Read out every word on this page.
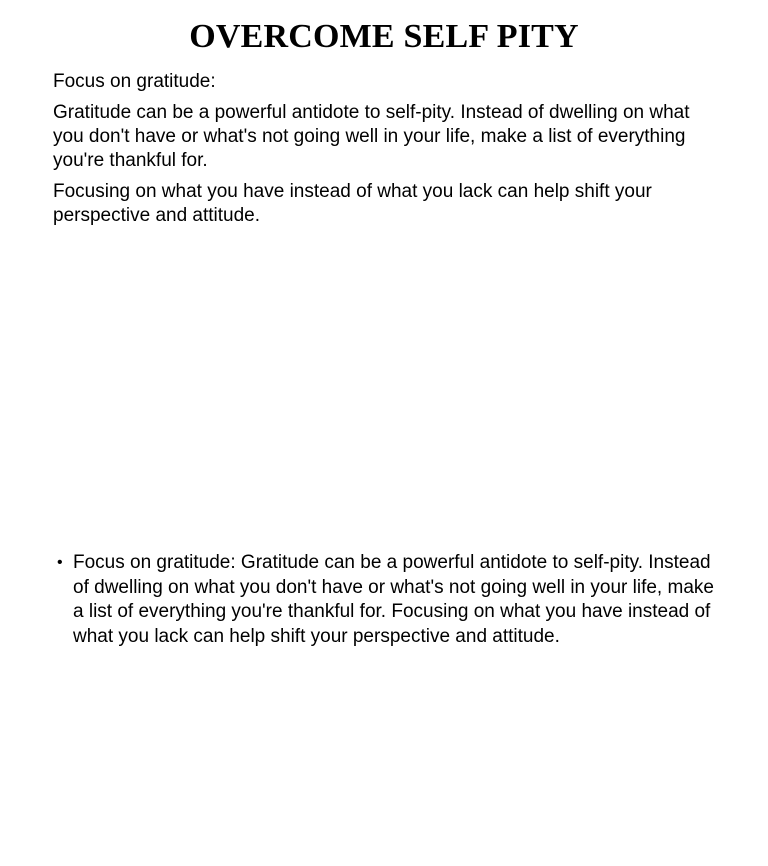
OVERCOME SELF PITY

Focus on gratitude:

Gratitude can be a powerful antidote to self-pity. Instead of dwelling on what you don't have or what's not going well in your life, make a list of everything you're thankful for.

Focusing on what you have instead of what you lack can help shift your perspective and attitude.

• Focus on gratitude: Gratitude can be a powerful antidote to self-pity. Instead of dwelling on what you don't have or what's not going well in your life, make a list of everything you're thankful for. Focusing on what you have instead of what you lack can help shift your perspective and attitude.
